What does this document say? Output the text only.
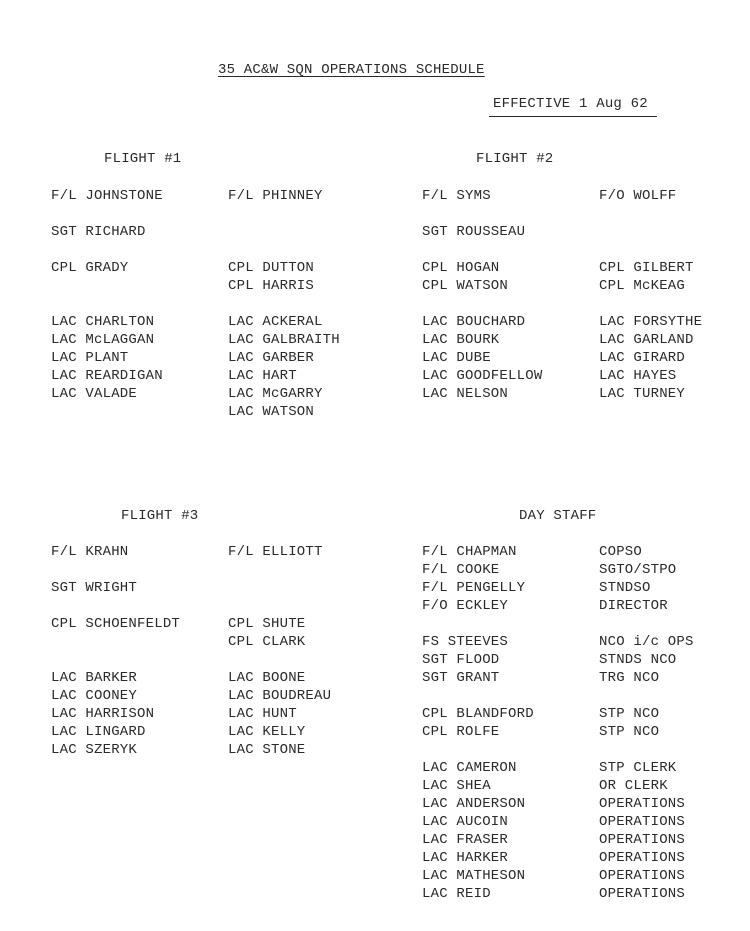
35 AC&W SQN OPERATIONS SCHEDULE
EFFECTIVE 1 Aug 62
FLIGHT #1
F/L JOHNSTONE
SGT RICHARD
CPL GRADY
LAC CHARLTON
LAC McLAGGAN
LAC PLANT
LAC REARDIGAN
LAC VALADE
F/L PHINNEY
CPL DUTTON
CPL HARRIS
LAC ACKERAL
LAC GALBRAITH
LAC GARBER
LAC HART
LAC McGARRY
LAC WATSON
FLIGHT #2
F/L SYMS
SGT ROUSSEAU
CPL HOGAN
CPL WATSON
LAC BOUCHARD
LAC BOURK
LAC DUBE
LAC GOODFELLOW
LAC NELSON
F/O WOLFF
CPL GILBERT
CPL McKEAG
LAC FORSYTHE
LAC GARLAND
LAC GIRARD
LAC HAYES
LAC TURNEY
FLIGHT #3
F/L KRAHN
SGT WRIGHT
CPL SCHOENFELDT
LAC BARKER
LAC COONEY
LAC HARRISON
LAC LINGARD
LAC SZERYK
F/L ELLIOTT
CPL SHUTE
CPL CLARK
LAC BOONE
LAC BOUDREAU
LAC HUNT
LAC KELLY
LAC STONE
DAY STAFF
F/L CHAPMAN
F/L COOKE
F/L PENGELLY
F/O ECKLEY
FS STEEVES
SGT FLOOD
SGT GRANT
CPL BLANDFORD
CPL ROLFE
LAC CAMERON
LAC SHEA
LAC ANDERSON
LAC AUCOIN
LAC FRASER
LAC HARKER
LAC MATHESON
LAC REID
COPSO
SGTO/STPO
STNDSO
DIRECTOR
NCO i/c OPS
STNDS NCO
TRG NCO
STP NCO
STP NCO
STP CLERK
OR CLERK
OPERATIONS
OPERATIONS
OPERATIONS
OPERATIONS
OPERATIONS
OPERATIONS
